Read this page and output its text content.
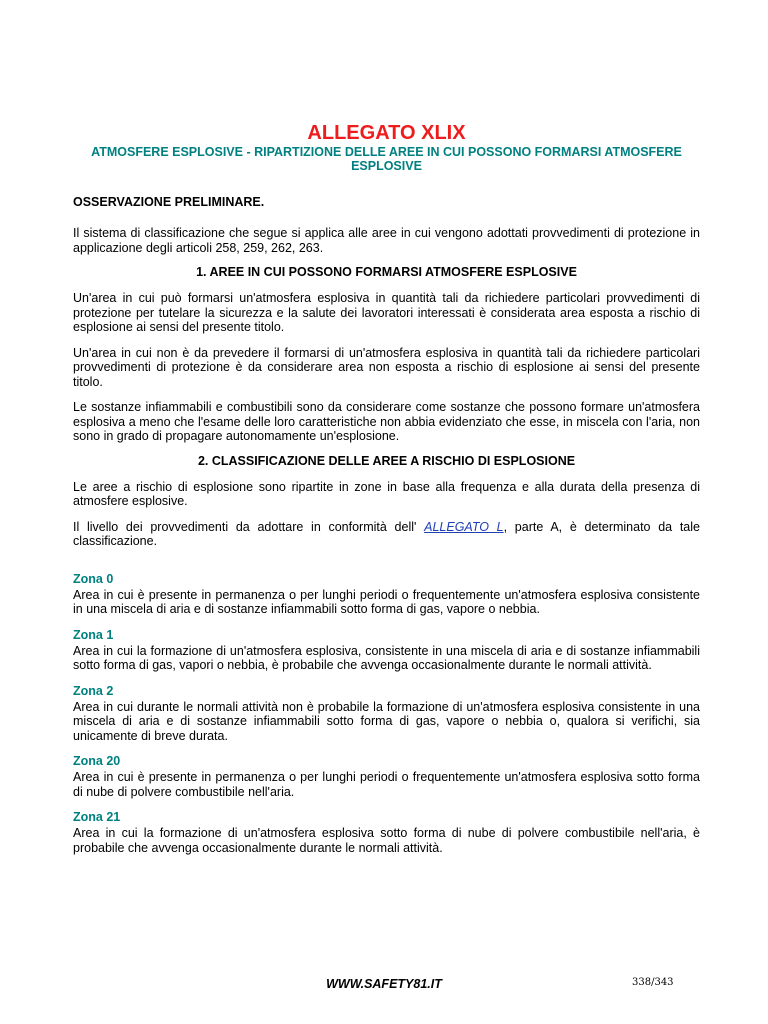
ALLEGATO XLIX
ATMOSFERE ESPLOSIVE - RIPARTIZIONE DELLE AREE IN CUI POSSONO FORMARSI ATMOSFERE ESPLOSIVE
OSSERVAZIONE PRELIMINARE.
Il sistema di classificazione che segue si applica alle aree in cui vengono adottati provvedimenti di protezione in applicazione degli articoli 258, 259, 262, 263.
1. AREE IN CUI POSSONO FORMARSI ATMOSFERE ESPLOSIVE
Un'area in cui può formarsi un'atmosfera esplosiva in quantità tali da richiedere particolari provvedimenti di protezione per tutelare la sicurezza e la salute dei lavoratori interessati è considerata area esposta a rischio di esplosione ai sensi del presente titolo.
Un'area in cui non è da prevedere il formarsi di un'atmosfera esplosiva in quantità tali da richiedere particolari provvedimenti di protezione è da considerare area non esposta a rischio di esplosione ai sensi del presente titolo.
Le sostanze infiammabili e combustibili sono da considerare come sostanze che possono formare un'atmosfera esplosiva a meno che l'esame delle loro caratteristiche non abbia evidenziato che esse, in miscela con l'aria, non sono in grado di propagare autonomamente un'esplosione.
2. CLASSIFICAZIONE DELLE AREE A RISCHIO DI ESPLOSIONE
Le aree a rischio di esplosione sono ripartite in zone in base alla frequenza e alla durata della presenza di atmosfere esplosive.
Il livello dei provvedimenti da adottare in conformità dell' ALLEGATO L, parte A, è determinato da tale classificazione.
Zona 0
Area in cui è presente in permanenza o per lunghi periodi o frequentemente un'atmosfera esplosiva consistente in una miscela di aria e di sostanze infiammabili sotto forma di gas, vapore o nebbia.
Zona 1
Area in cui la formazione di un'atmosfera esplosiva, consistente in una miscela di aria e di sostanze infiammabili sotto forma di gas, vapori o nebbia, è probabile che avvenga occasionalmente durante le normali attività.
Zona 2
Area in cui durante le normali attività non è probabile la formazione di un'atmosfera esplosiva consistente in una miscela di aria e di sostanze infiammabili sotto forma di gas, vapore o nebbia o, qualora si verifichi, sia unicamente di breve durata.
Zona 20
Area in cui è presente in permanenza o per lunghi periodi o frequentemente un'atmosfera esplosiva sotto forma di nube di polvere combustibile nell'aria.
Zona 21
Area in cui la formazione di un'atmosfera esplosiva sotto forma di nube di polvere combustibile nell'aria, è probabile che avvenga occasionalmente durante le normali attività.
WWW.SAFETY81.IT	338/343
